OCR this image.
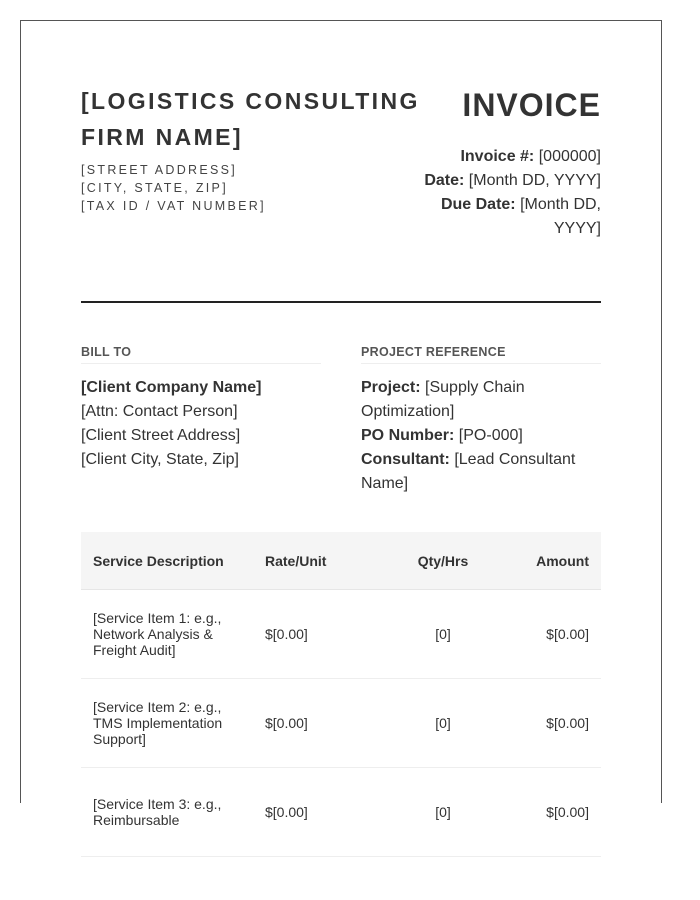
[LOGISTICS CONSULTING FIRM NAME]
[STREET ADDRESS]
[CITY, STATE, ZIP]
[TAX ID / VAT NUMBER]
INVOICE
Invoice #: [000000]
Date: [Month DD, YYYY]
Due Date: [Month DD, YYYY]
BILL TO
[Client Company Name]
[Attn: Contact Person]
[Client Street Address]
[Client City, State, Zip]
PROJECT REFERENCE
Project: [Supply Chain Optimization]
PO Number: [PO-000]
Consultant: [Lead Consultant Name]
Service Description	Rate/Unit	Qty/Hrs	Amount
[Service Item 1: e.g., Network Analysis & Freight Audit]	$[0.00]	[0]	$[0.00]
[Service Item 2: e.g., TMS Implementation Support]	$[0.00]	[0]	$[0.00]
[Service Item 3: e.g., Reimbursable	$[0.00]	[0]	$[0.00]
